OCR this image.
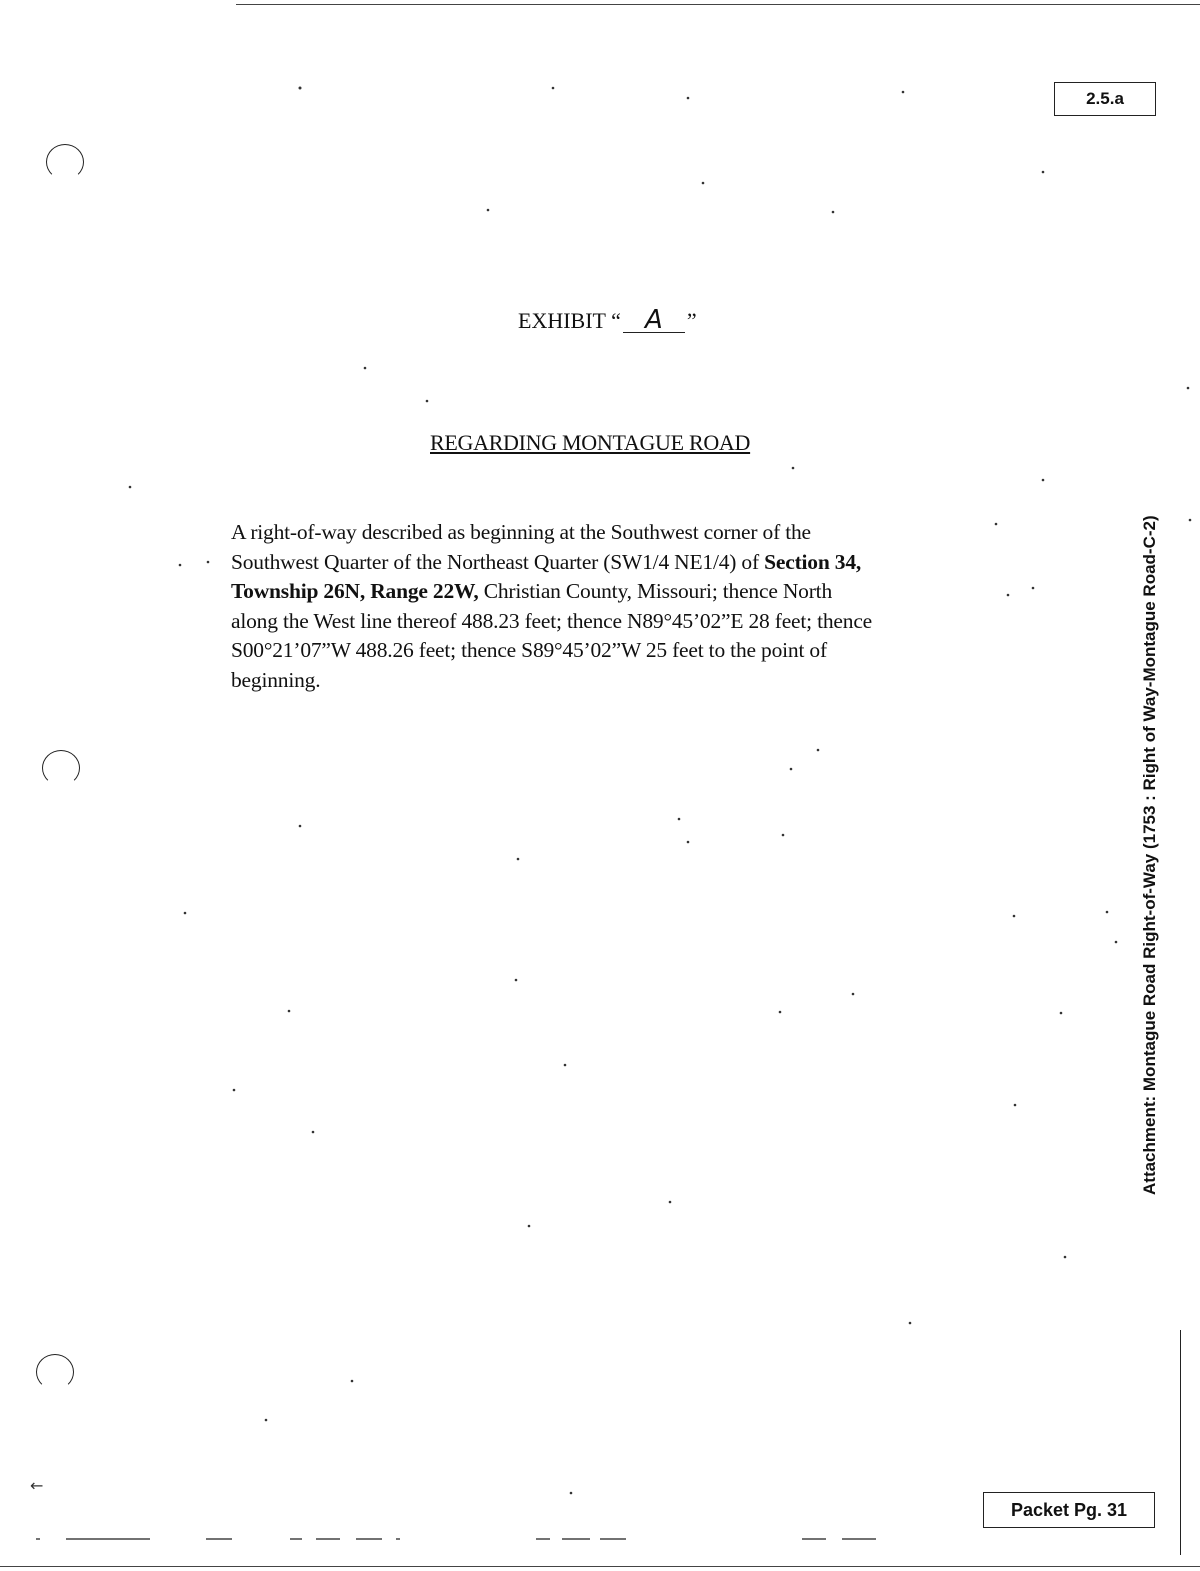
2.5.a
EXHIBIT “ A ”
REGARDING MONTAGUE ROAD
A right-of-way described as beginning at the Southwest corner of the
Southwest Quarter of the Northeast Quarter (SW1/4 NE1/4) of Section 34,
Township 26N, Range 22W, Christian County, Missouri; thence North
along the West line thereof 488.23 feet; thence N89°45’02”E 28 feet; thence
S00°21’07”W 488.26 feet; thence S89°45’02”W 25 feet to the point of
beginning.	Attachment: Montague Road Right-of-Way (1753 : Right of Way-Montague Road-C-2)
Packet Pg. 31
←
